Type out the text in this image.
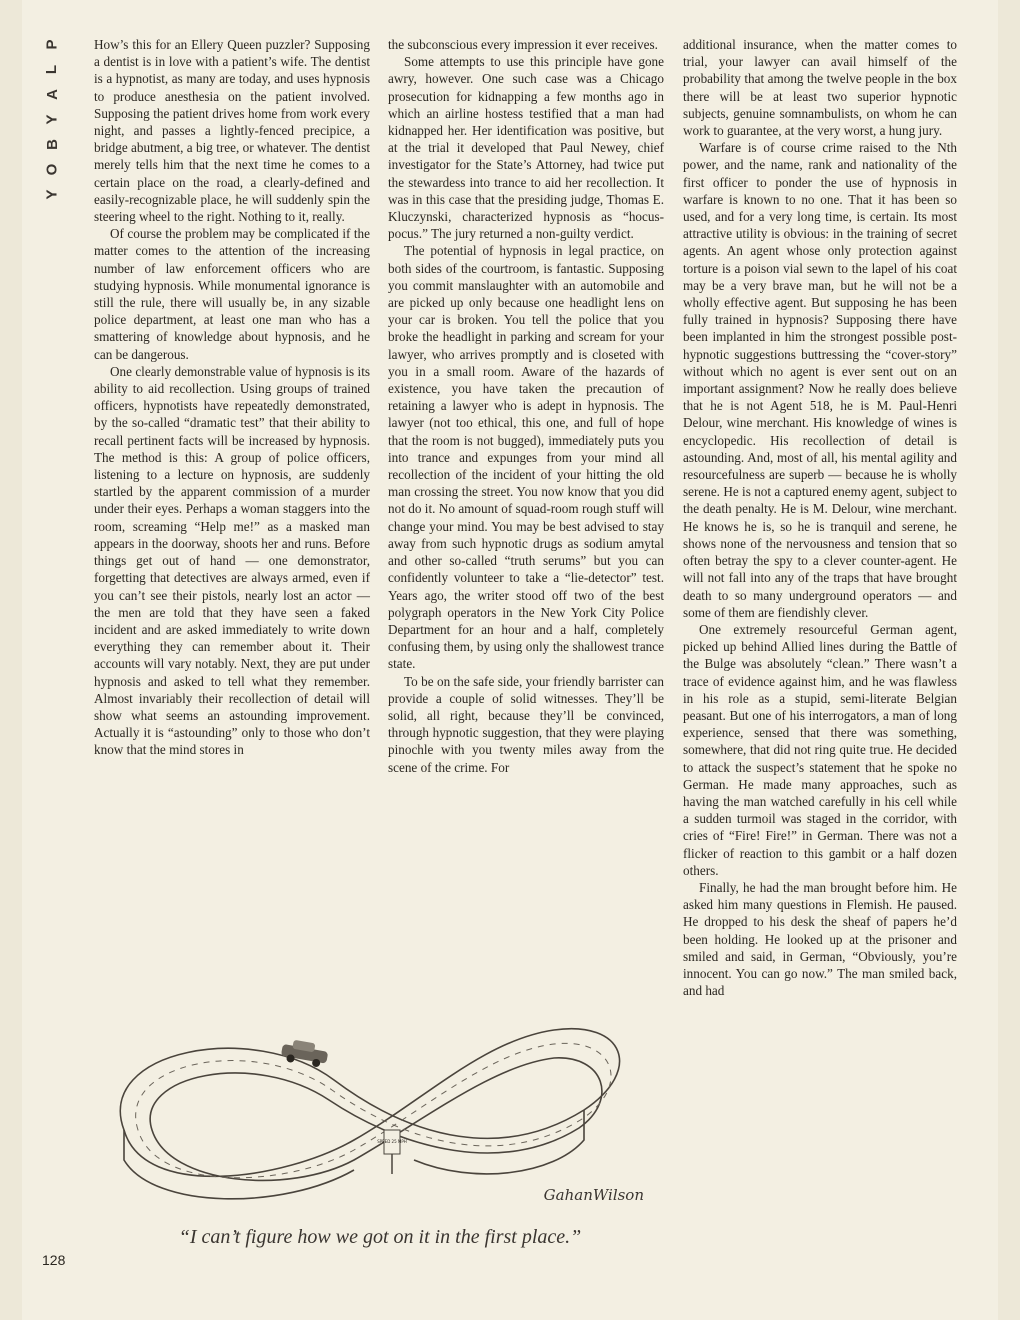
P
L
A
Y
B
O
Y

How’s this for an Ellery Queen puzzler? Supposing a dentist is in love with a patient’s wife. The dentist is a hypnotist, as many are today, and uses hypnosis to produce anesthesia on the patient involved. Supposing the patient drives home from work every night, and passes a lightly-fenced precipice, a bridge abutment, a big tree, or whatever. The dentist merely tells him that the next time he comes to a certain place on the road, a clearly-defined and easily-recognizable place, he will suddenly spin the steering wheel to the right. Nothing to it, really.

Of course the problem may be complicated if the matter comes to the attention of the increasing number of law enforcement officers who are studying hypnosis. While monumental ignorance is still the rule, there will usually be, in any sizable police department, at least one man who has a smattering of knowledge about hypnosis, and he can be dangerous.

One clearly demonstrable value of hypnosis is its ability to aid recollection. Using groups of trained officers, hypnotists have repeatedly demonstrated, by the so-called “dramatic test” that their ability to recall pertinent facts will be increased by hypnosis. The method is this: A group of police officers, listening to a lecture on hypnosis, are suddenly startled by the apparent commission of a murder under their eyes. Perhaps a woman staggers into the room, screaming “Help me!” as a masked man appears in the doorway, shoots her and runs. Before things get out of hand — one demonstrator, forgetting that detectives are always armed, even if you can’t see their pistols, nearly lost an actor — the men are told that they have seen a faked incident and are asked immediately to write down everything they can remember about it. Their accounts will vary notably. Next, they are put under hypnosis and asked to tell what they remember. Almost invariably their recollection of detail will show what seems an astounding improvement. Actually it is “astounding” only to those who don’t know that the mind stores in

the subconscious every impression it ever receives.

Some attempts to use this principle have gone awry, however. One such case was a Chicago prosecution for kidnapping a few months ago in which an airline hostess testified that a man had kidnapped her. Her identification was positive, but at the trial it developed that Paul Newey, chief investigator for the State’s Attorney, had twice put the stewardess into trance to aid her recollection. It was in this case that the presiding judge, Thomas E. Kluczynski, characterized hypnosis as “hocus-pocus.” The jury returned a non-guilty verdict.

The potential of hypnosis in legal practice, on both sides of the courtroom, is fantastic. Supposing you commit manslaughter with an automobile and are picked up only because one headlight lens on your car is broken. You tell the police that you broke the headlight in parking and scream for your lawyer, who arrives promptly and is closeted with you in a small room. Aware of the hazards of existence, you have taken the precaution of retaining a lawyer who is adept in hypnosis. The lawyer (not too ethical, this one, and full of hope that the room is not bugged), immediately puts you into trance and expunges from your mind all recollection of the incident of your hitting the old man crossing the street. You now know that you did not do it. No amount of squad-room rough stuff will change your mind. You may be best advised to stay away from such hypnotic drugs as sodium amytal and other so-called “truth serums” but you can confidently volunteer to take a “lie-detector” test. Years ago, the writer stood off two of the best polygraph operators in the New York City Police Department for an hour and a half, completely confusing them, by using only the shallowest trance state.

To be on the safe side, your friendly barrister can provide a couple of solid witnesses. They’ll be solid, all right, because they’ll be convinced, through hypnotic suggestion, that they were playing pinochle with you twenty miles away from the scene of the crime. For

additional insurance, when the matter comes to trial, your lawyer can avail himself of the probability that among the twelve people in the box there will be at least two superior hypnotic subjects, genuine somnambulists, on whom he can work to guarantee, at the very worst, a hung jury.

Warfare is of course crime raised to the Nth power, and the name, rank and nationality of the first officer to ponder the use of hypnosis in warfare is known to no one. That it has been so used, and for a very long time, is certain. Its most attractive utility is obvious: in the training of secret agents. An agent whose only protection against torture is a poison vial sewn to the lapel of his coat may be a very brave man, but he will not be a wholly effective agent. But supposing he has been fully trained in hypnosis? Supposing there have been implanted in him the strongest possible post-hypnotic suggestions buttressing the “cover-story” without which no agent is ever sent out on an important assignment? Now he really does believe that he is not Agent 518, he is M. Paul-Henri Delour, wine merchant. His knowledge of wines is encyclopedic. His recollection of detail is astounding. And, most of all, his mental agility and resourcefulness are superb — because he is wholly serene. He is not a captured enemy agent, subject to the death penalty. He is M. Delour, wine merchant. He knows he is, so he is tranquil and serene, he shows none of the nervousness and tension that so often betray the spy to a clever counter-agent. He will not fall into any of the traps that have brought death to so many underground operators — and some of them are fiendishly clever.

One extremely resourceful German agent, picked up behind Allied lines during the Battle of the Bulge was absolutely “clean.” There wasn’t a trace of evidence against him, and he was flawless in his role as a stupid, semi-literate Belgian peasant. But one of his interrogators, a man of long experience, sensed that there was something, somewhere, that did not ring quite true. He decided to attack the suspect’s statement that he spoke no German. He made many approaches, such as having the man watched carefully in his cell while a sudden turmoil was staged in the corridor, with cries of “Fire! Fire!” in German. There was not a flicker of reaction to this gambit or a half dozen others.

Finally, he had the man brought before him. He asked him many questions in Flemish. He paused. He dropped to his desk the sheaf of papers he’d been holding. He looked up at the prisoner and smiled and said, in German, “Obviously, you’re innocent. You can go now.” The man smiled back, and had

SPEED 25 MPH
GahanWilson
“I can’t figure how we got on it in the first place.”
128
